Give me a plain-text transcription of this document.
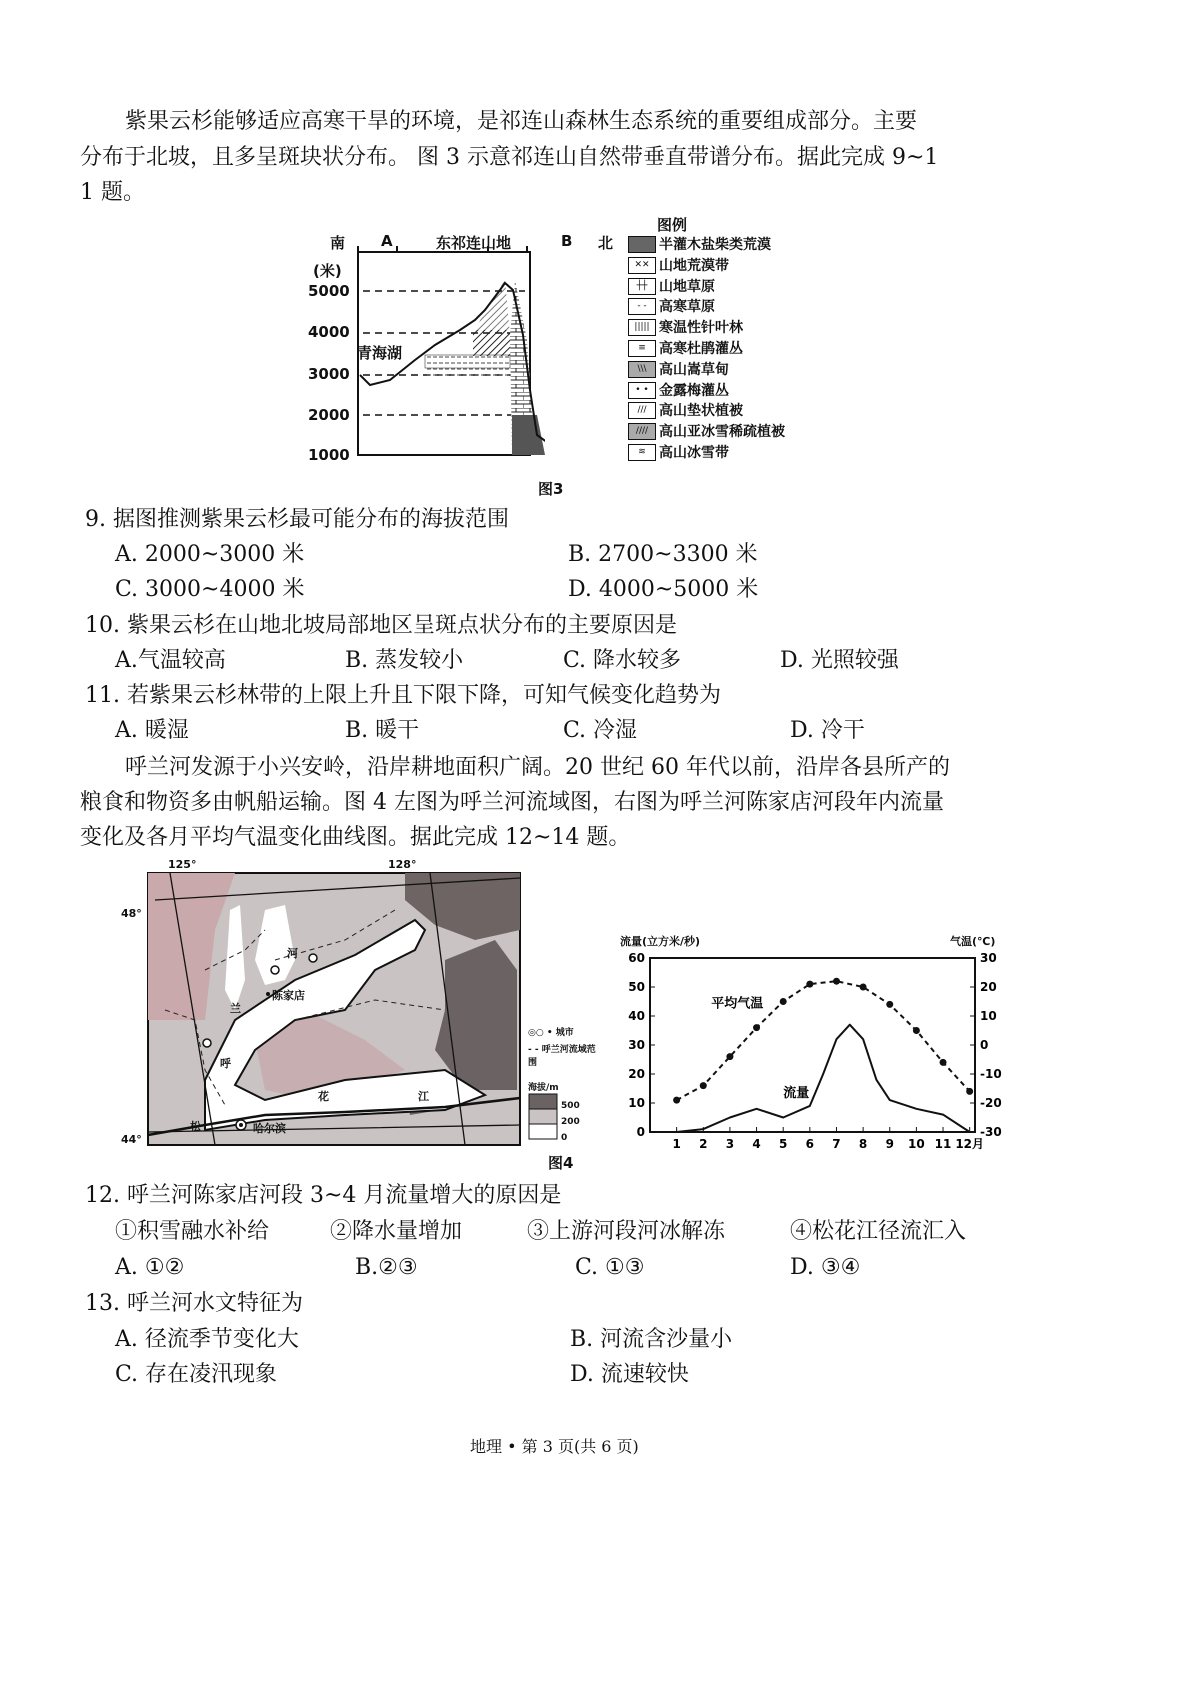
紫果云杉能够适应高寒干旱的环境，是祁连山森林生态系统的重要组成部分。主要
分布于北坡，且多呈斑块状分布。 图 3 示意祁连山自然带垂直带谱分布。据此完成 9~1
1 题。
南 A	东祁连山地	B 北
(米)
5000
4000
3000
2000
1000
青海湖
图例
半灌木盐柴类荒漠
✕✕ 山地荒漠带
┼┼ 山地草原
- - 高寒草原
||||| 寒温性针叶林
≡ 高寒杜鹃灌丛
\\\ 高山嵩草甸
• • 金露梅灌丛
/// 高山垫状植被
//// 高山亚冰雪稀疏植被
≋ 高山冰雪带
图3
9. 据图推测紫果云杉最可能分布的海拔范围
A. 2000~3000 米	B. 2700~3300 米
C. 3000~4000 米	D. 4000~5000 米
10. 紫果云杉在山地北坡局部地区呈斑点状分布的主要原因是
A.气温较高	B. 蒸发较小	C. 降水较多	D. 光照较强
11. 若紫果云杉林带的上限上升且下限下降，可知气候变化趋势为
A. 暖湿	B. 暖干	C. 冷湿	D. 冷干
呼兰河发源于小兴安岭，沿岸耕地面积广阔。20 世纪 60 年代以前，沿岸各县所产的
粮食和物资多由帆船运输。图 4 左图为呼兰河流域图，右图为呼兰河陈家店河段年内流量
变化及各月平均气温变化曲线图。据此完成 12~14 题。
125°	128°
48°
44°
河
兰
呼
花	江
松
陈家店
哈尔滨
◎○ • 城市
- - 呼兰河流域范围
海拔/m
500
200
0
图4
流量(立方米/秒)	气温(℃)
60	30
50	20
40	10
30	0
20	-10
10	-20
0	-30
1 2 3 4 5 6 7 8 9 10 11 12月
平均气温
流量
12. 呼兰河陈家店河段 3~4 月流量增大的原因是
①积雪融水补给	②降水量增加	③上游河段河冰解冻	④松花江径流汇入
A. ①②	B.②③	C. ①③	D. ③④
13. 呼兰河水文特征为
A. 径流季节变化大	B. 河流含沙量小
C. 存在凌汛现象	D. 流速较快
地理 • 第 3 页(共 6 页)
